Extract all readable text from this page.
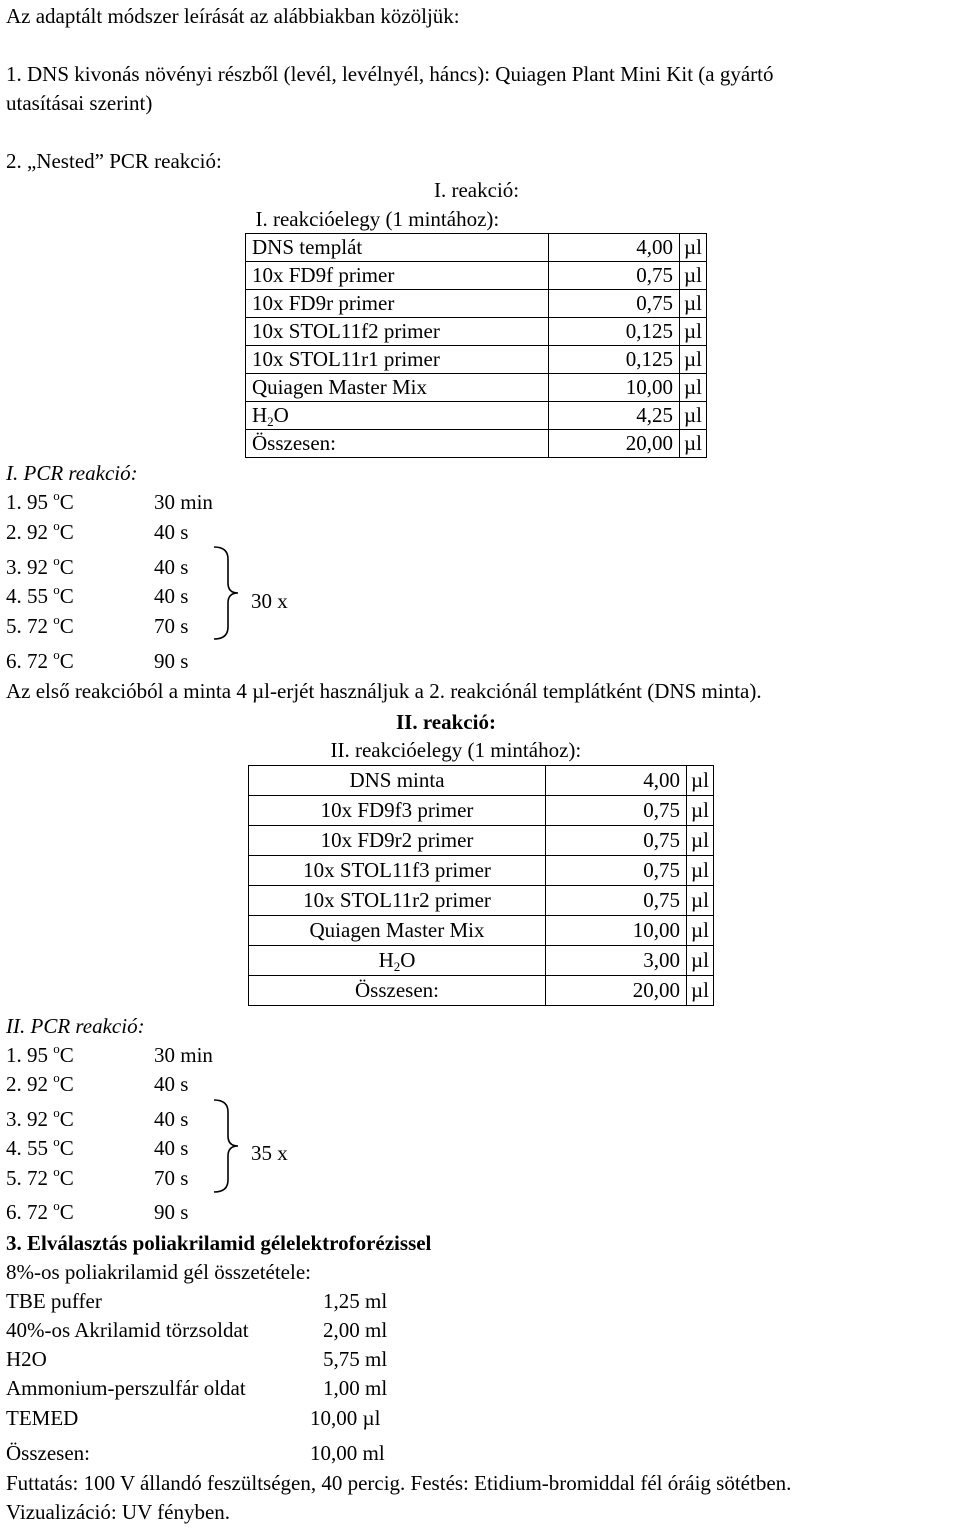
Az adaptált módszer leírását az alábbiakban közöljük:
1. DNS kivonás növényi részből (levél, levélnyél, háncs): Quiagen Plant Mini Kit (a gyártó
utasításai szerint)
2. „Nested” PCR reakció:
I. reakció:
I. reakcióelegy (1 mintához):		
DNS templát	4,00	µl
10x FD9f primer	0,75	µl
10x FD9r primer	0,75	µl
10x STOL11f2 primer	0,125	µl
10x STOL11r1 primer	0,125	µl
Quiagen Master Mix	10,00	µl
$H_2O$	4,25	µl
Összesen:	20,00	µl
I. PCR reakció:
1. 95 $^o$C	30 min
2. 92 $^o$C	40 s
3. 92 $^o$C	40 s
4. 55 $^o$C	40 s
5. 72 $^o$C	70 s
6. 72 $^o$C	90 s
30 x
Az első reakcióból a minta 4 µl-erjét használjuk a 2. reakciónál templátként (DNS minta).
II. reakció:
II. reakcióelegy (1 mintához):		
DNS minta	4,00	µl
10x FD9f3 primer	0,75	µl
10x FD9r2 primer	0,75	µl
10x STOL11f3 primer	0,75	µl
10x STOL11r2 primer	0,75	µl
Quiagen Master Mix	10,00	µl
$H_2O$	3,00	µl
Összesen:	20,00	µl
II. PCR reakció:
1. 95 $^o$C	30 min
2. 92 $^o$C	40 s
3. 92 $^o$C	40 s
4. 55 $^o$C	40 s
5. 72 $^o$C	70 s
6. 72 $^o$C	90 s
35 x
3. Elválasztás poliakrilamid gélelektroforézissel
8%-os poliakrilamid gél összetétele:
TBE puffer	1,25 ml
40%-os Akrilamid törzsoldat	2,00 ml
H2O	5,75 ml
Ammonium-perszulfár oldat	1,00 ml
TEMED	10,00 µl
Összesen:	10,00 ml
Futtatás: 100 V állandó feszültségen, 40 percig. Festés: Etidium-bromiddal fél óráig sötétben.
Vizualizáció: UV fényben.
